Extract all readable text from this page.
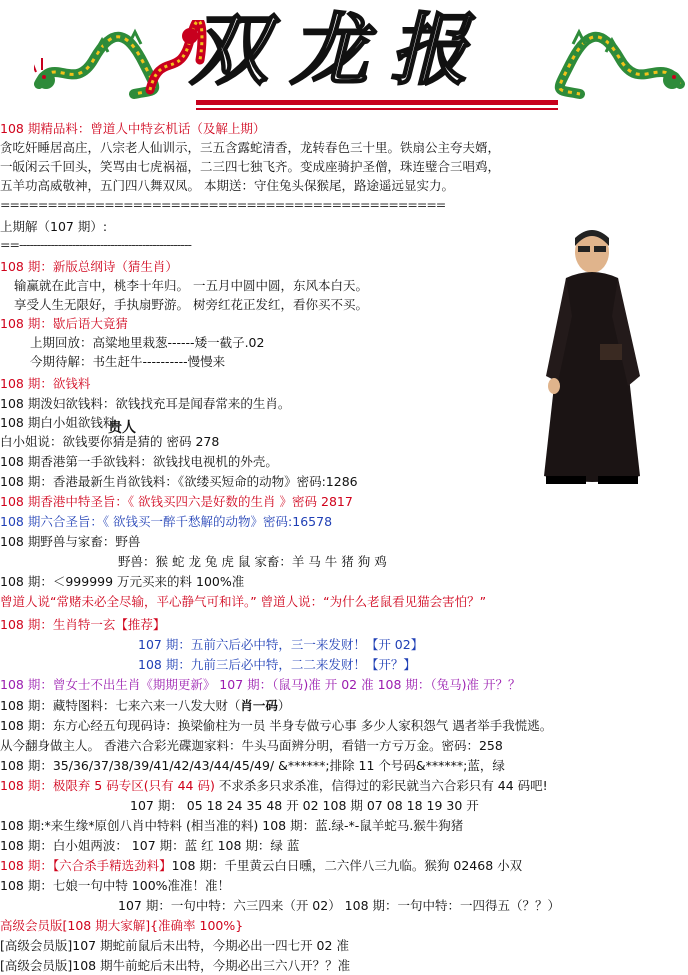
双龙报
108 期精品料：曾道人中特玄机话（及解上期）
贪吃奸睡居高庄，八宗老人仙训示，三五含露蛇清香，龙转春色三十里。铁扇公主夸夫婿，
一皈闲云千回头，笑骂由七虎祸福，二三四七独飞齐。变成座骑护圣僧，珠连璧合三唱鸡，
五羊功高威敬神，五门四八舞双凤。 本期送：守住兔头保猴尾，路途遥远显实力。
===============================================
上期解（107 期）:
==-------------------------------------------------
108 期：新版总纲诗（猜生肖）
输赢就在此言中，桃李十年归。 一五月中圆中圆，东风本白天。
享受人生无限好，手执扇野游。 树旁红花正发红，看你买不买。
108 期：歇后语大竟猜
上期回放：高粱地里栽葱------矮一截子.02
今期待解：书生赶牛----------慢慢来
108 期：欲钱料
108 期泼妇欲钱料：欲钱找充耳是闻春常来的生肖。
108 期白小姐欲钱料
白小姐说：欲钱要你猜是猜的 密码 278
108 期香港第一手欲钱料：欲钱找电视机的外壳。
108 期：香港最新生肖欲钱料：《欲缕买短命的动物》密码:1286
108 期香港中特圣旨：《 欲钱买四六是好数的生肖 》密码 2817
108 期六合圣旨：《 欲钱买一醉千愁解的动物》密码:16578
108 期野兽与家畜：野兽
野兽：猴 蛇 龙 兔 虎 鼠 家畜：羊 马 牛 猪 狗 鸡
108 期：＜999999 万元买来的料 100%准
曾道人说“常赌未必全尽输，平心静气可和详。” 曾道人说：“为什么老鼠看见猫会害怕？”
108 期：生肖特一玄【推荐】
107 期：五前六后必中特，三一来发财！【开 02】
108 期：九前三后必中特，二二来发财！【开？】
108 期：曾女士不出生肖《期期更新》 107 期：（鼠马)准 开 02 准 108 期：（兔马)准 开？？
108 期：藏特图料：七来六来一八发大财（肖一码）
108 期：东方心经五句现码诗：换梁偷柱为一员 半身专做亏心事 多少人家积怨气 遇者举手我慌逃。
从今翻身做主人。 香港六合彩光碟迦家料：牛头马面辨分明，看错一方亏万金。密码：258
108 期：35/36/37/38/39/41/42/43/44/45/49/ &******;排除 11 个号码&******;蓝，绿
108 期：极限弃 5 码专区(只有 44 码) 不求杀多只求杀准，信得过的彩民就当六合彩只有 44 码吧!
107 期： 05 18 24 35 48 开 02 108 期 07 08 18 19 30 开
108 期:*来生缘*原创八肖中特料 (相当准的料) 108 期：蓝.绿-*-鼠羊蛇马.猴牛狗猪
108 期：白小姐两波： 107 期：蓝 红 108 期：绿 蓝
108 期：【六合杀手精选劲料】108 期：千里黄云白日曛，二六伴八三九临。猴狗 02468 小双
108 期：七娘一句中特 100%准准！准！
107 期：一句中特：六三四来（开 02） 108 期：一句中特：一四得五（？？）
高级会员版[108 期大家解]{准确率 100%}
[高级会员版]107 期蛇前鼠后未出特，今期必出一四七开 02 准
[高级会员版]108 期牛前蛇后未出特，今期必出三六八开？？准
贵人
